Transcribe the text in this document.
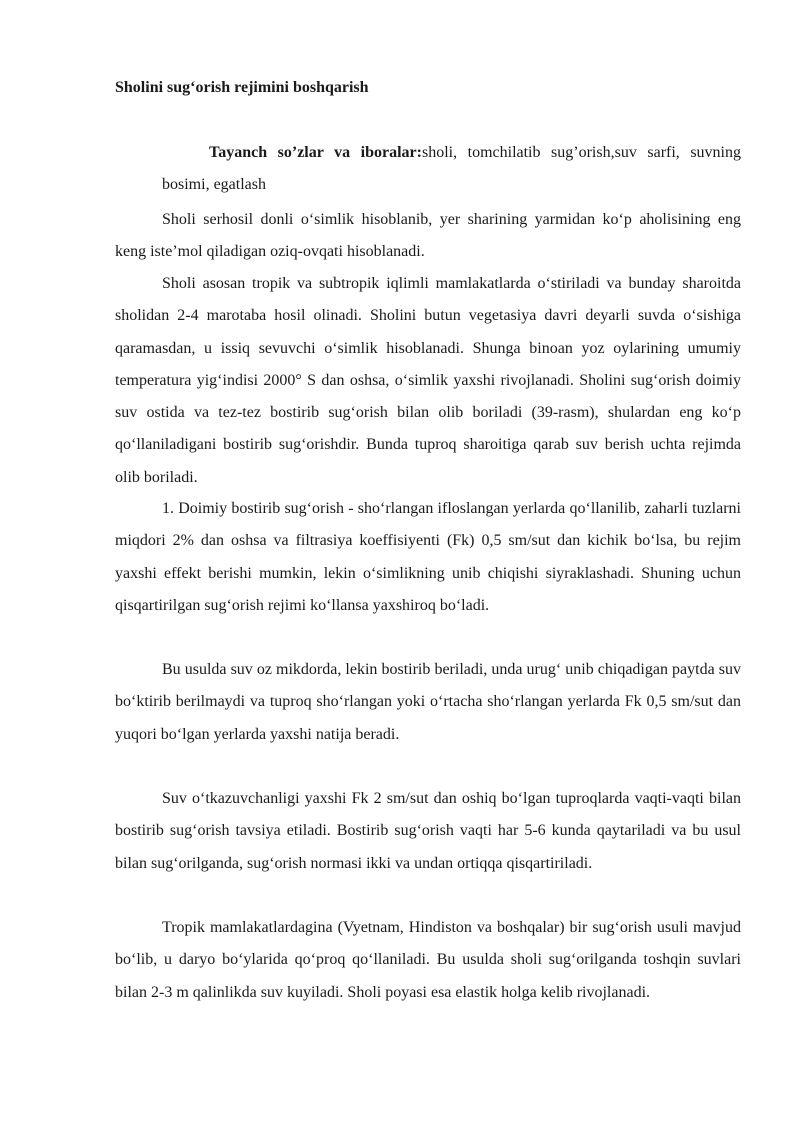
Sholini sug‘orish rejimini boshqarish

Tayanch so’zlar va iboralar:sholi, tomchilatib sug’orish,suv sarfi, suvning bosimi, egatlash

Sholi serhosil donli o‘simlik hisoblanib, yer sharining yarmidan ko‘p aholisining eng keng iste’mol qiladigan oziq-ovqati hisoblanadi.

Sholi asosan tropik va subtropik iqlimli mamlakatlarda o‘stiriladi va bunday sharoitda sholidan 2-4 marotaba hosil olinadi. Sholini butun vegetasiya davri deyarli suvda o‘sishiga qaramasdan, u issiq sevuvchi o‘simlik hisoblanadi. Shunga binoan yoz oylarining umumiy temperatura yig‘indisi 2000° S dan oshsa, o‘simlik yaxshi rivojlanadi. Sholini sug‘orish doimiy suv ostida va tez-tez bostirib sug‘orish bilan olib boriladi (39-rasm), shulardan eng ko‘p qo‘llaniladigani bostirib sug‘orishdir. Bunda tuproq sharoitiga qarab suv berish uchta rejimda olib boriladi.

1. Doimiy bostirib sug‘orish - sho‘rlangan ifloslangan yerlarda qo‘llanilib, zaharli tuzlarni miqdori 2% dan oshsa va filtrasiya koeffisiyenti (Fk) 0,5 sm/sut dan kichik bo‘lsa, bu rejim yaxshi effekt berishi mumkin, lekin o‘simlikning unib chiqishi siyraklashadi. Shuning uchun qisqartirilgan sug‘orish rejimi ko‘llansa yaxshiroq bo‘ladi.

Bu usulda suv oz mikdorda, lekin bostirib beriladi, unda urug‘ unib chiqadigan paytda suv bo‘ktirib berilmaydi va tuproq sho‘rlangan yoki o‘rtacha sho‘rlangan yerlarda Fk 0,5 sm/sut dan yuqori bo‘lgan yerlarda yaxshi natija beradi.

Suv o‘tkazuvchanligi yaxshi Fk 2 sm/sut dan oshiq bo‘lgan tuproqlarda vaqti-vaqti bilan bostirib sug‘orish tavsiya etiladi. Bostirib sug‘orish vaqti har 5-6 kunda qaytariladi va bu usul bilan sug‘orilganda, sug‘orish normasi ikki va undan ortiqqa qisqartiriladi.

Tropik mamlakatlardagina (Vyetnam, Hindiston va boshqalar) bir sug‘orish usuli mavjud bo‘lib, u daryo bo‘ylarida qo‘proq qo‘llaniladi. Bu usulda sholi sug‘orilganda toshqin suvlari bilan 2-3 m qalinlikda suv kuyiladi. Sholi poyasi esa elastik holga kelib rivojlanadi.
